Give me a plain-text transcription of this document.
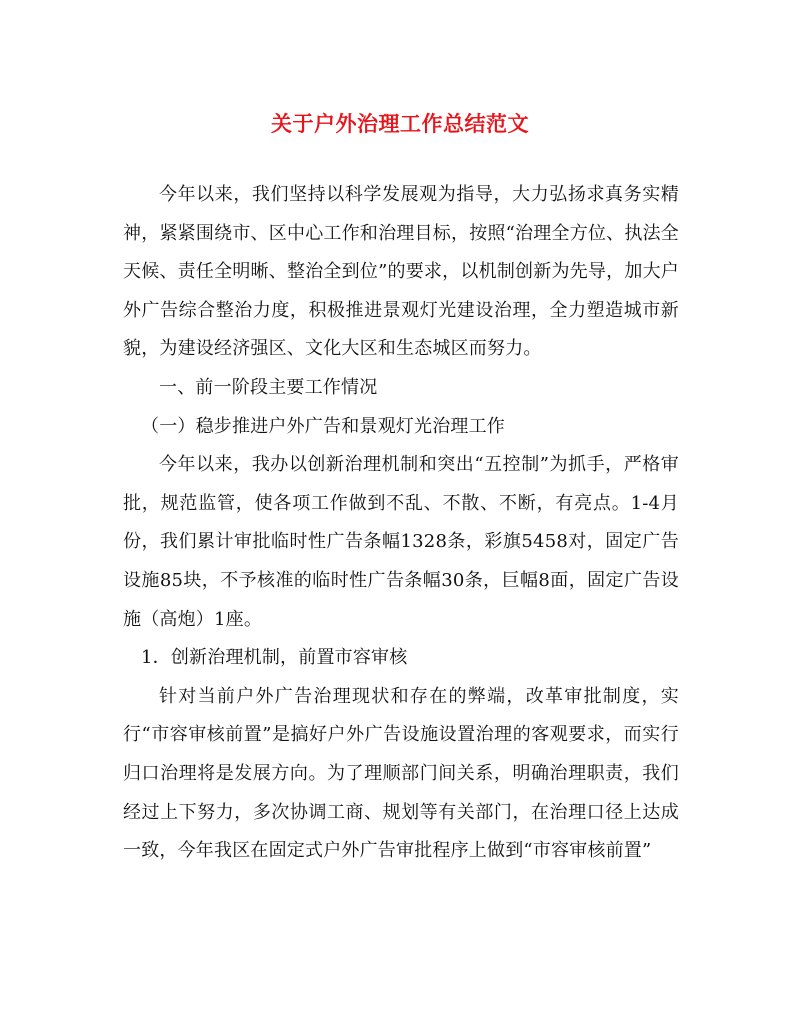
关于户外治理工作总结范文

今年以来，我们坚持以科学发展观为指导，大力弘扬求真务实精神，紧紧围绕市、区中心工作和治理目标，按照“治理全方位、执法全天候、责任全明晰、整治全到位”的要求，以机制创新为先导，加大户外广告综合整治力度，积极推进景观灯光建设治理，全力塑造城市新貌，为建设经济强区、文化大区和生态城区而努力。

一、前一阶段主要工作情况

（一）稳步推进户外广告和景观灯光治理工作

今年以来，我办以创新治理机制和突出“五控制”为抓手，严格审批，规范监管，使各项工作做到不乱、不散、不断，有亮点。1-4月份，我们累计审批临时性广告条幅1328条，彩旗5458对，固定广告设施85块，不予核准的临时性广告条幅30条，巨幅8面，固定广告设施（高炮）1座。

1．创新治理机制，前置市容审核

针对当前户外广告治理现状和存在的弊端，改革审批制度，实行“市容审核前置”是搞好户外广告设施设置治理的客观要求，而实行归口治理将是发展方向。为了理顺部门间关系，明确治理职责，我们经过上下努力，多次协调工商、规划等有关部门，在治理口径上达成一致，今年我区在固定式户外广告审批程序上做到“市容审核前置”
